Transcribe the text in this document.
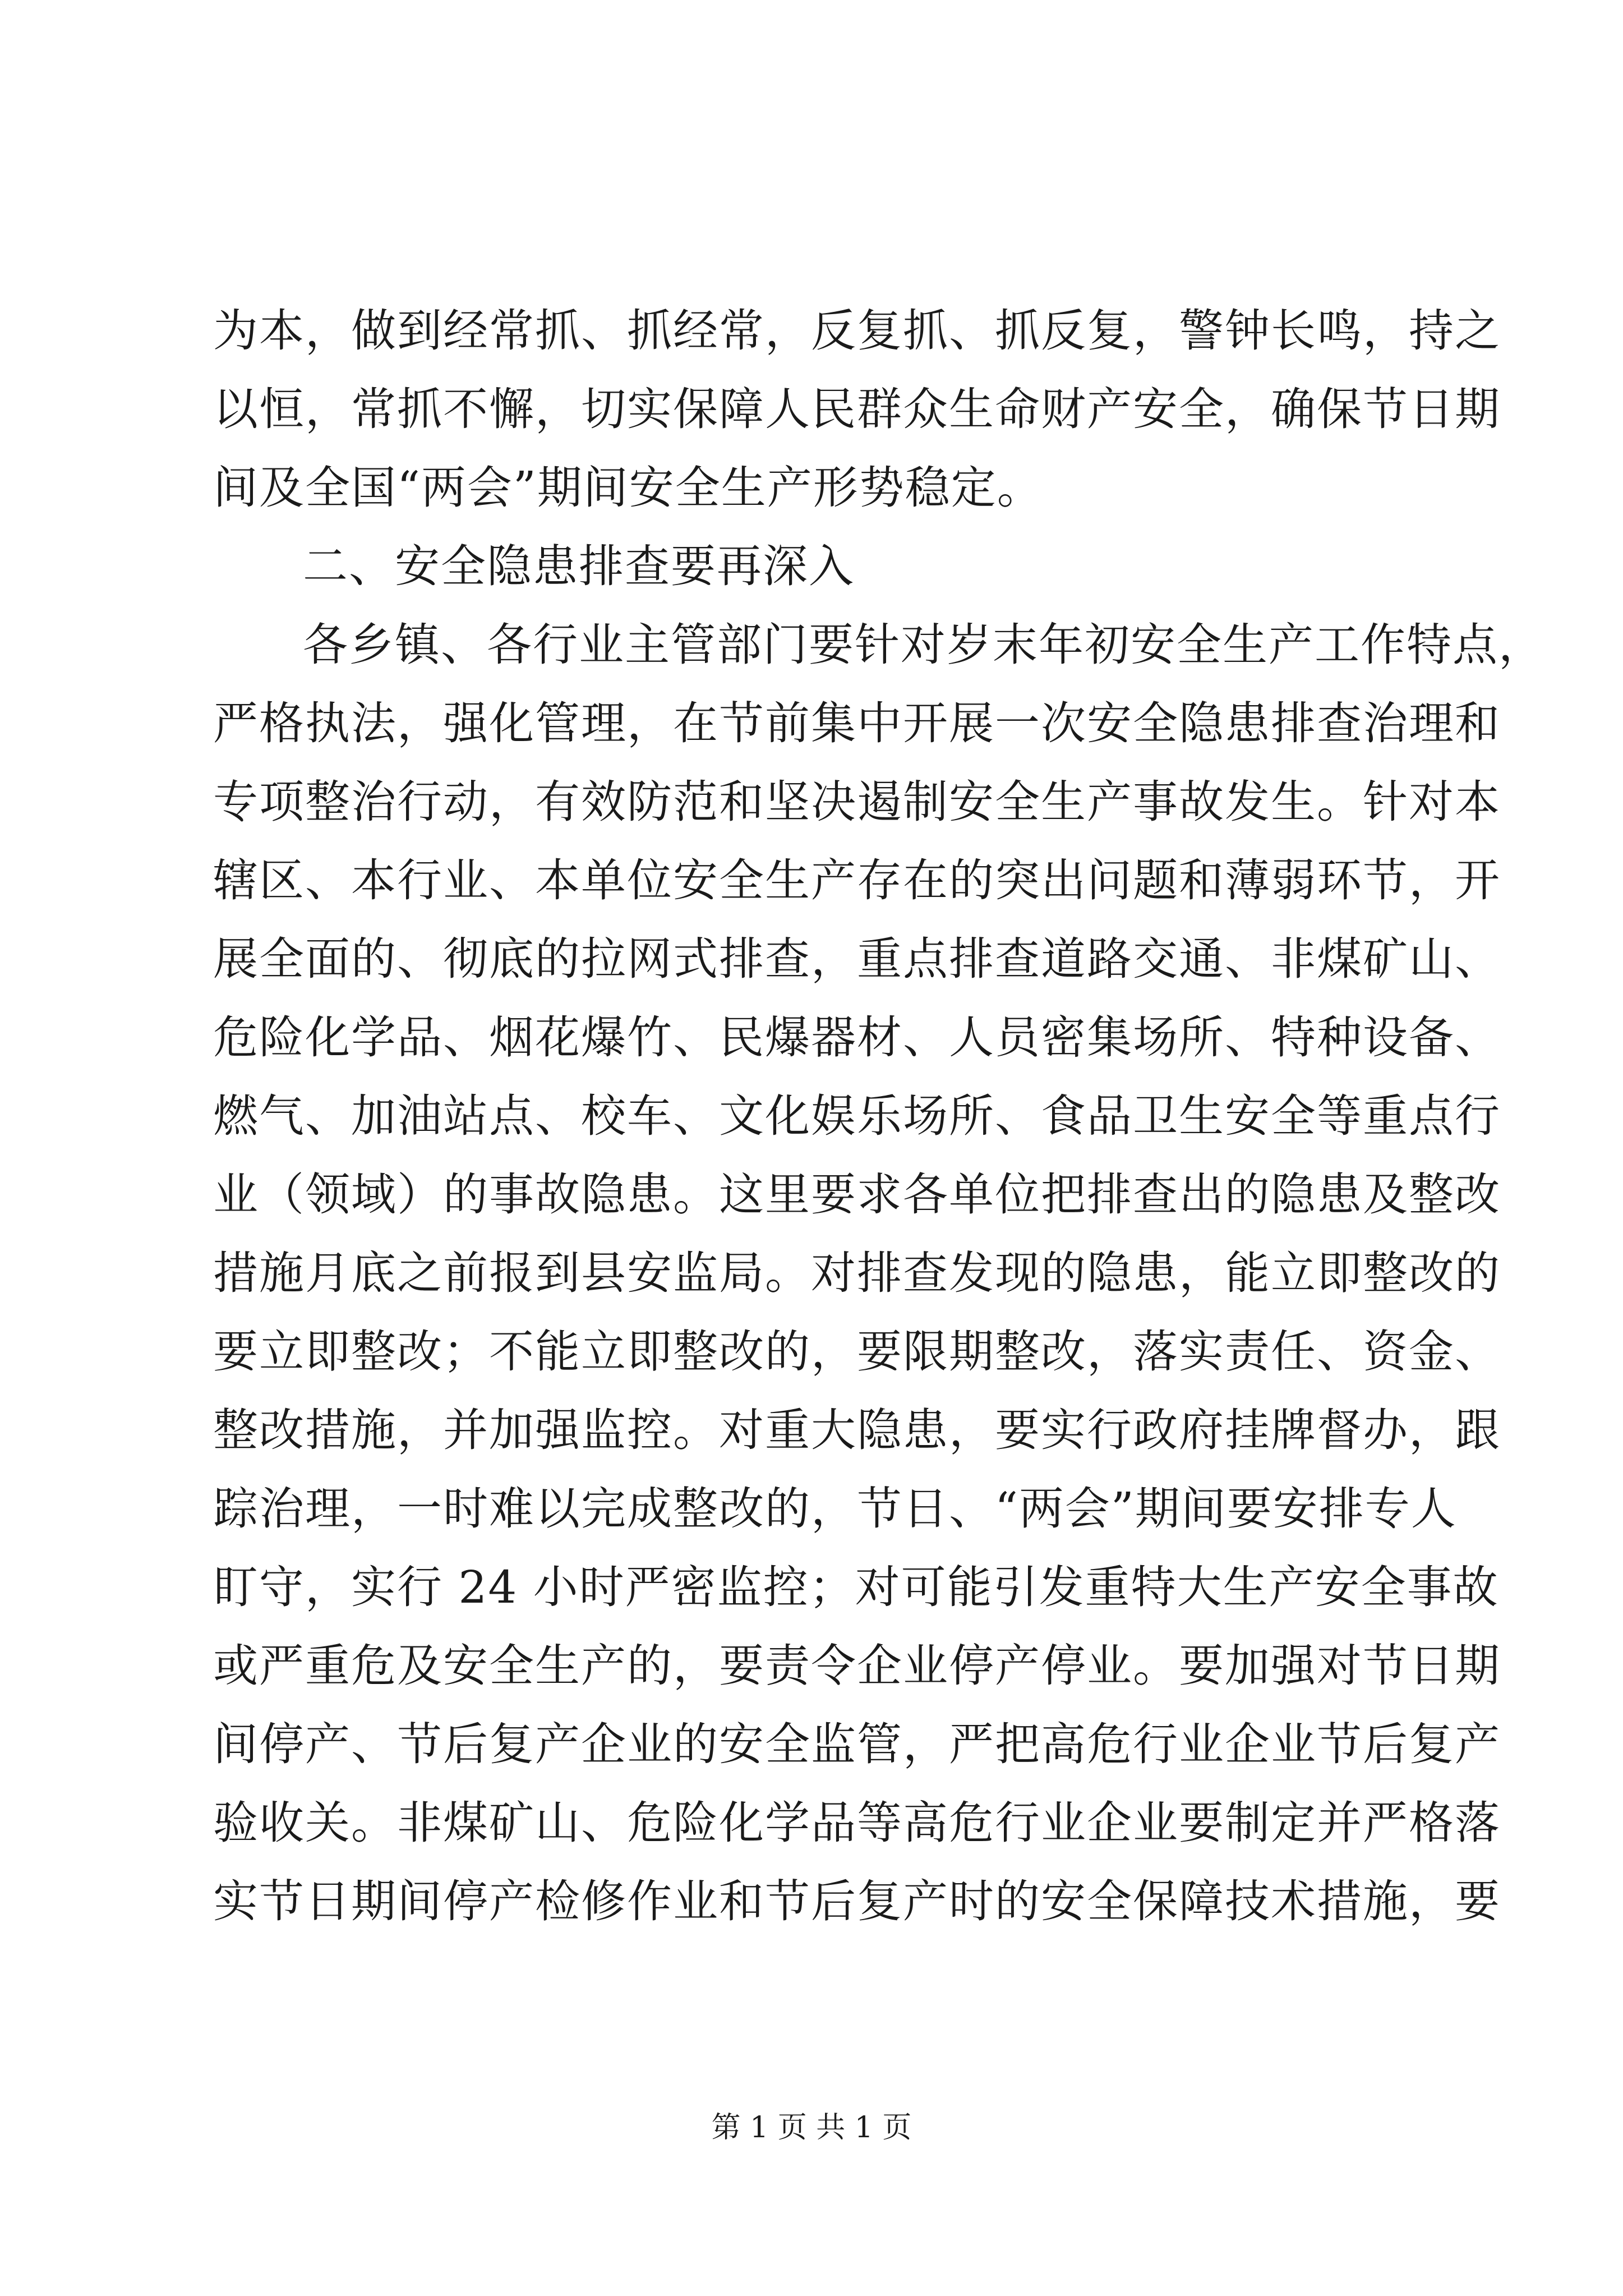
为本，做到经常抓、抓经常，反复抓、抓反复，警钟长鸣，持之
以恒，常抓不懈，切实保障人民群众生命财产安全，确保节日期
间及全国“两会”期间安全生产形势稳定。
二、安全隐患排查要再深入
各乡镇、各行业主管部门要针对岁末年初安全生产工作特点，
严格执法，强化管理，在节前集中开展一次安全隐患排查治理和
专项整治行动，有效防范和坚决遏制安全生产事故发生。针对本
辖区、本行业、本单位安全生产存在的突出问题和薄弱环节，开
展全面的、彻底的拉网式排查，重点排查道路交通、非煤矿山、
危险化学品、烟花爆竹、民爆器材、人员密集场所、特种设备、
燃气、加油站点、校车、文化娱乐场所、食品卫生安全等重点行
业（领域）的事故隐患。这里要求各单位把排查出的隐患及整改
措施月底之前报到县安监局。对排查发现的隐患，能立即整改的
要立即整改；不能立即整改的，要限期整改，落实责任、资金、
整改措施，并加强监控。对重大隐患，要实行政府挂牌督办，跟
踪治理，一时难以完成整改的，节日、“两会”期间要安排专人
盯守，实行 24 小时严密监控；对可能引发重特大生产安全事故
或严重危及安全生产的，要责令企业停产停业。要加强对节日期
间停产、节后复产企业的安全监管，严把高危行业企业节后复产
验收关。非煤矿山、危险化学品等高危行业企业要制定并严格落
实节日期间停产检修作业和节后复产时的安全保障技术措施，要
第 1 页 共 1 页
